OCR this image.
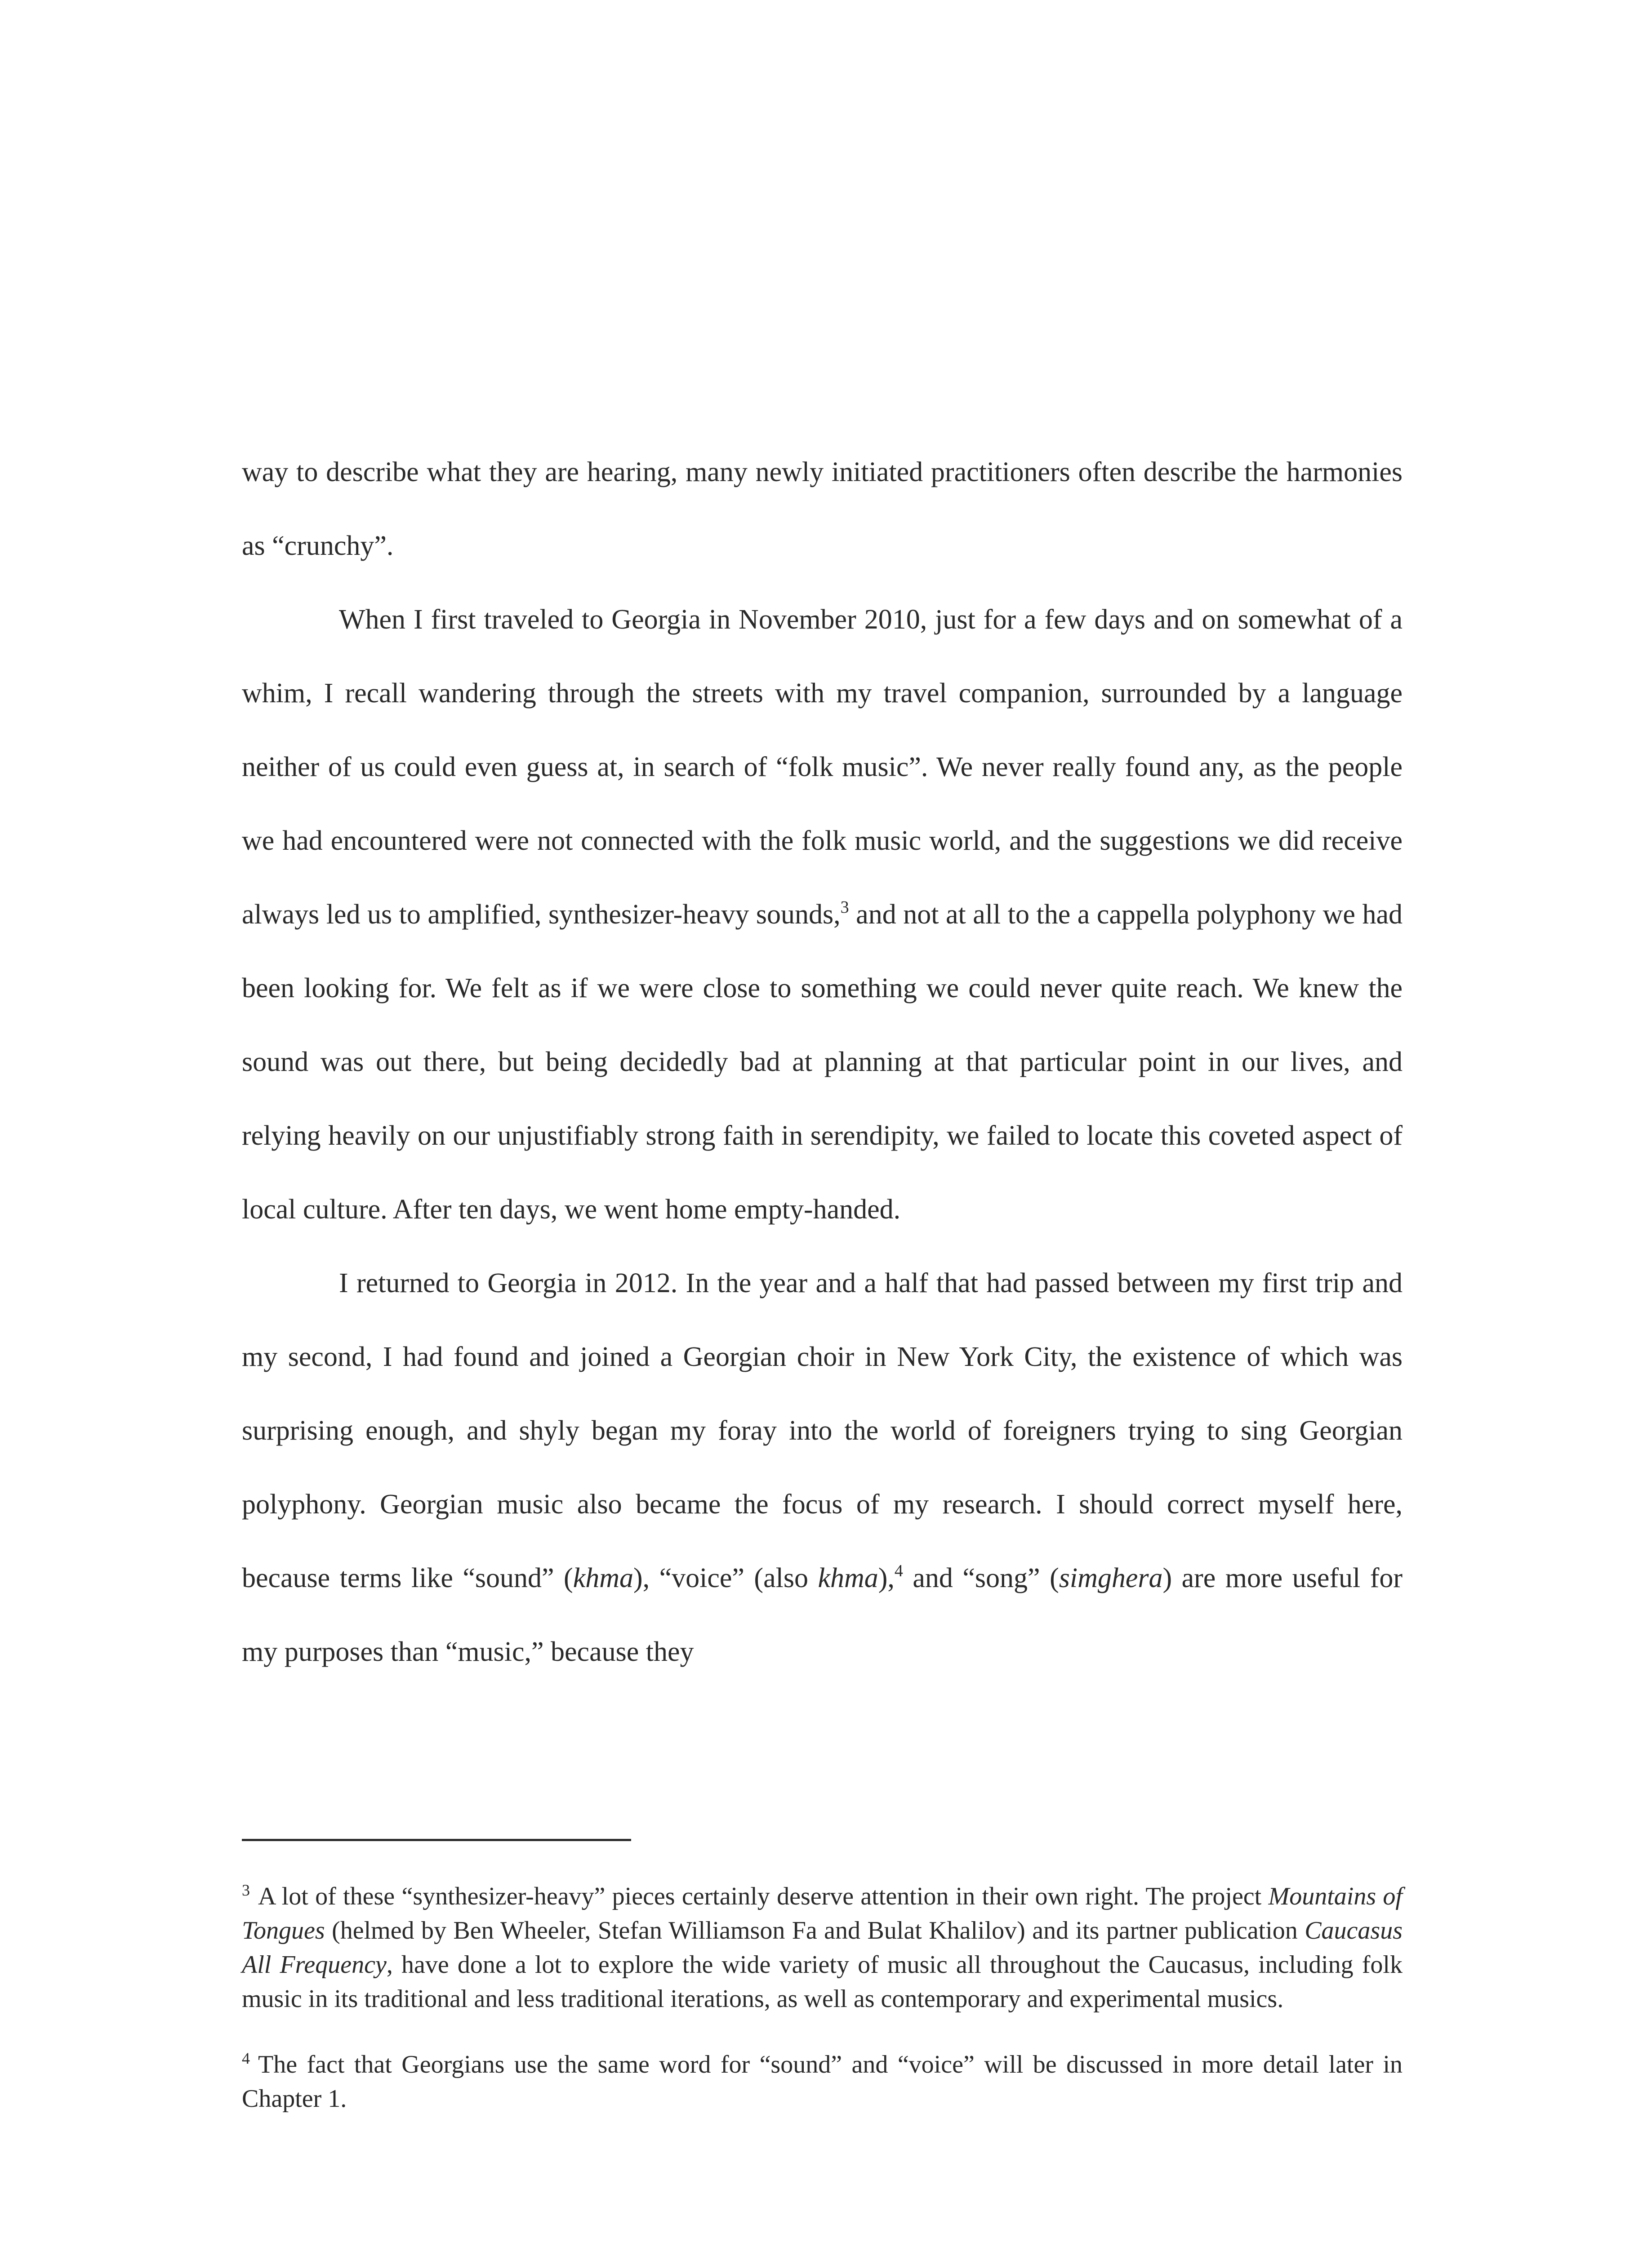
way to describe what they are hearing, many newly initiated practitioners often describe the harmonies as “crunchy”.

When I first traveled to Georgia in November 2010, just for a few days and on somewhat of a whim, I recall wandering through the streets with my travel companion, surrounded by a language neither of us could even guess at, in search of “folk music”. We never really found any, as the people we had encountered were not connected with the folk music world, and the suggestions we did receive always led us to amplified, synthesizer-heavy sounds,$^3$ and not at all to the a cappella polyphony we had been looking for. We felt as if we were close to something we could never quite reach. We knew the sound was out there, but being decidedly bad at planning at that particular point in our lives, and relying heavily on our unjustifiably strong faith in serendipity, we failed to locate this coveted aspect of local culture. After ten days, we went home empty-handed.

I returned to Georgia in 2012. In the year and a half that had passed between my first trip and my second, I had found and joined a Georgian choir in New York City, the existence of which was surprising enough, and shyly began my foray into the world of foreigners trying to sing Georgian polyphony. Georgian music also became the focus of my research. I should correct myself here, because terms like “sound” (khma), “voice” (also khma),$^4$ and “song” (simghera) are more useful for my purposes than “music,” because they

$^3$ A lot of these “synthesizer-heavy” pieces certainly deserve attention in their own right. The project Mountains of Tongues (helmed by Ben Wheeler, Stefan Williamson Fa and Bulat Khalilov) and its partner publication Caucasus All Frequency, have done a lot to explore the wide variety of music all throughout the Caucasus, including folk music in its traditional and less traditional iterations, as well as contemporary and experimental musics.

$^4$ The fact that Georgians use the same word for “sound” and “voice” will be discussed in more detail later in Chapter 1.
